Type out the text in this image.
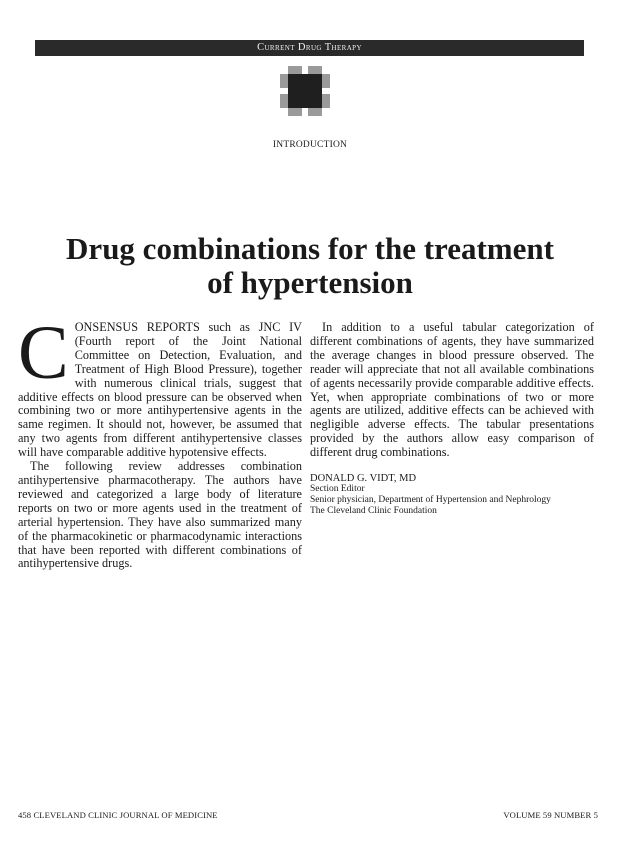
Current Drug Therapy
INTRODUCTION
Drug combinations for the treatment
of hypertension

CONSENSUS REPORTS such as JNC IV (Fourth report of the Joint National Committee on Detection, Evaluation, and Treatment of High Blood Pressure), together with numerous clinical trials, suggest that additive effects on blood pressure can be observed when combining two or more antihypertensive agents in the same regimen. It should not, however, be assumed that any two agents from different antihypertensive classes will have comparable additive hypotensive effects.

The following review addresses combination antihypertensive pharmacotherapy. The authors have reviewed and categorized a large body of literature reports on two or more agents used in the treatment of arterial hypertension. They have also summarized many of the pharmacokinetic or pharmacodynamic interactions that have been reported with different combinations of antihypertensive drugs.

In addition to a useful tabular categorization of different combinations of agents, they have summarized the average changes in blood pressure observed. The reader will appreciate that not all available combinations of agents necessarily provide comparable additive effects. Yet, when appropriate combinations of two or more agents are utilized, additive effects can be achieved with negligible adverse effects. The tabular presentations provided by the authors allow easy comparison of different drug combinations.

DONALD G. VIDT, MD
Section Editor
Senior physician, Department of Hypertension and Nephrology
The Cleveland Clinic Foundation
458 CLEVELAND CLINIC JOURNAL OF MEDICINE	VOLUME 59 NUMBER 5
